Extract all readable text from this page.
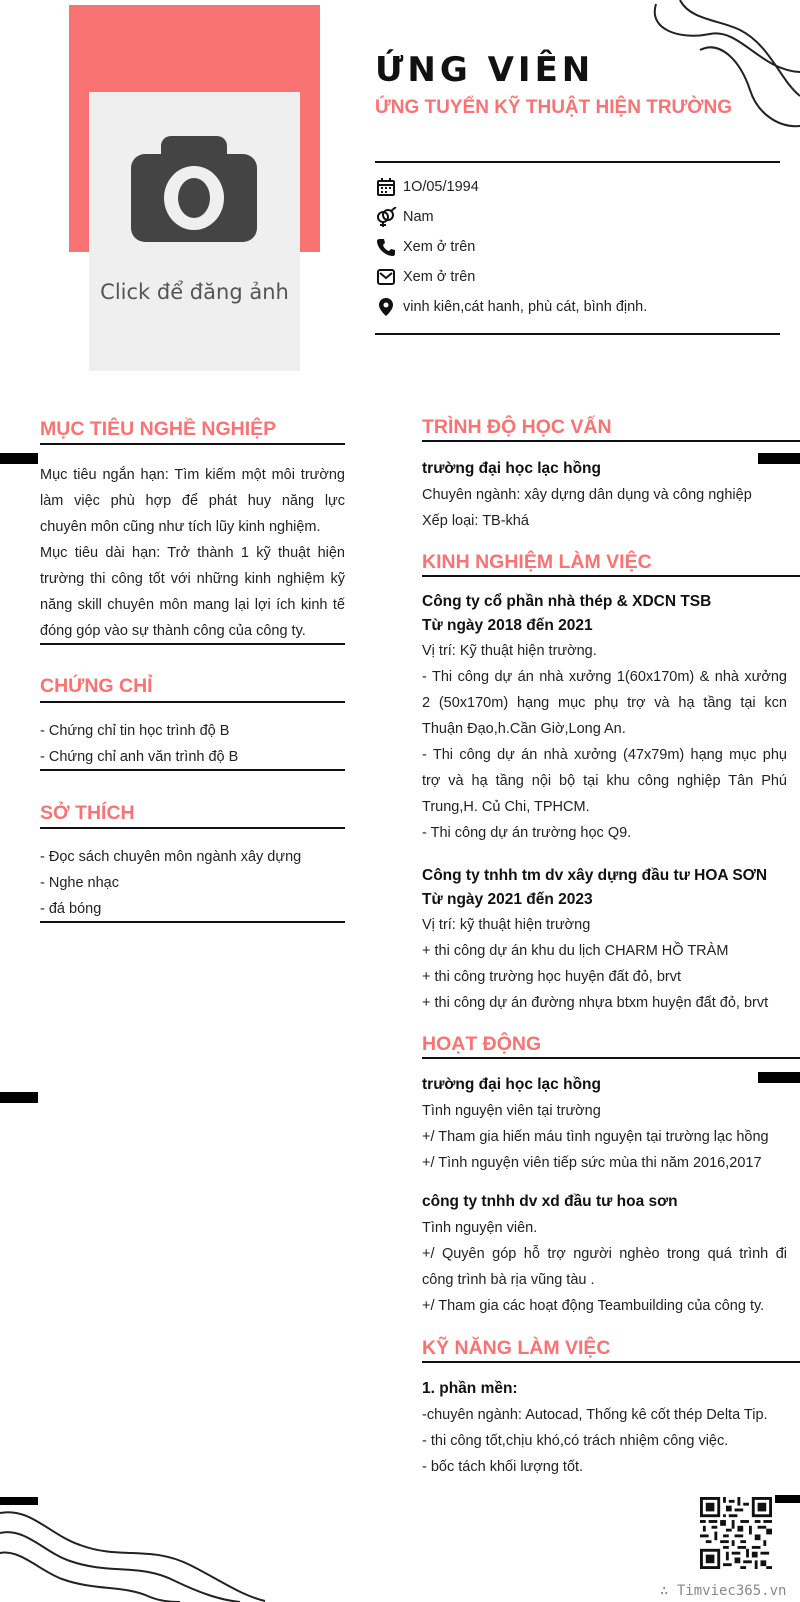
Click để đăng ảnh
ỨNG VIÊN
ỨNG TUYỂN KỸ THUẬT HIỆN TRƯỜNG
1O/05/1994
Nam
Xem ở trên
Xem ở trên
vinh kiên,cát hanh, phù cát, bình định.
MỤC TIÊU NGHỀ NGHIỆP
Mục tiêu ngắn hạn: Tìm kiếm một môi trường
làm việc phù hợp để phát huy năng lực
chuyên môn cũng như tích lũy kinh nghiệm.
Mục tiêu dài hạn: Trở thành 1 kỹ thuật hiện
trường thi công tốt với những kinh nghiệm kỹ
năng skill chuyên môn mang lại lợi ích kinh tế
đóng góp vào sự thành công của công ty.
CHỨNG CHỈ
- Chứng chỉ tin học trình độ B
- Chứng chỉ anh văn trình độ B
SỞ THÍCH
- Đọc sách chuyên môn ngành xây dựng
- Nghe nhạc
- đá bóng
TRÌNH ĐỘ HỌC VẤN
trường đại học lạc hồng
Chuyên ngành: xây dựng dân dụng và công nghiệp
Xếp loại: TB-khá
KINH NGHIỆM LÀM VIỆC
Công ty cổ phần nhà thép & XDCN TSB
Từ ngày 2018 đến 2021
Vị trí: Kỹ thuật hiện trường.
- Thi công dự án nhà xưởng 1(60x170m) & nhà xưởng
2 (50x170m) hạng mục phụ trợ và hạ tầng tại kcn
Thuận Đạo,h.Cần Giờ,Long An.
- Thi công dự án nhà xưởng (47x79m) hạng mục phụ
trợ và hạ tầng nội bộ tại khu công nghiệp Tân Phú
Trung,H. Củ Chi, TPHCM.
- Thi công dự án trường học Q9.
Công ty tnhh tm dv xây dựng đầu tư HOA SƠN
Từ ngày 2021 đến 2023
Vị trí: kỹ thuật hiện trường
+ thi công dự án khu du lịch CHARM HỒ TRÀM
+ thi công trường học huyện đất đỏ, brvt
+ thi công dự án đường nhựa btxm huyện đất đỏ, brvt
HOẠT ĐỘNG
trường đại học lạc hồng
Tình nguyện viên tại trường
+/ Tham gia hiến máu tình nguyện tại trường lạc hồng
+/ Tình nguyện viên tiếp sức mùa thi năm 2016,2017
công ty tnhh dv xd đầu tư hoa sơn
Tình nguyện viên.
+/ Quyên góp hỗ trợ người nghèo trong quá trình đi
công trình bà rịa vũng tàu .
+/ Tham gia các hoạt động Teambuilding của công ty.
KỸ NĂNG LÀM VIỆC
1. phần mền:
-chuyên ngành: Autocad, Thống kê cốt thép Delta Tip.
- thi công tốt,chịu khó,có trách nhiệm công việc.
- bốc tách khối lượng tốt.
∴ Timviec365.vn
